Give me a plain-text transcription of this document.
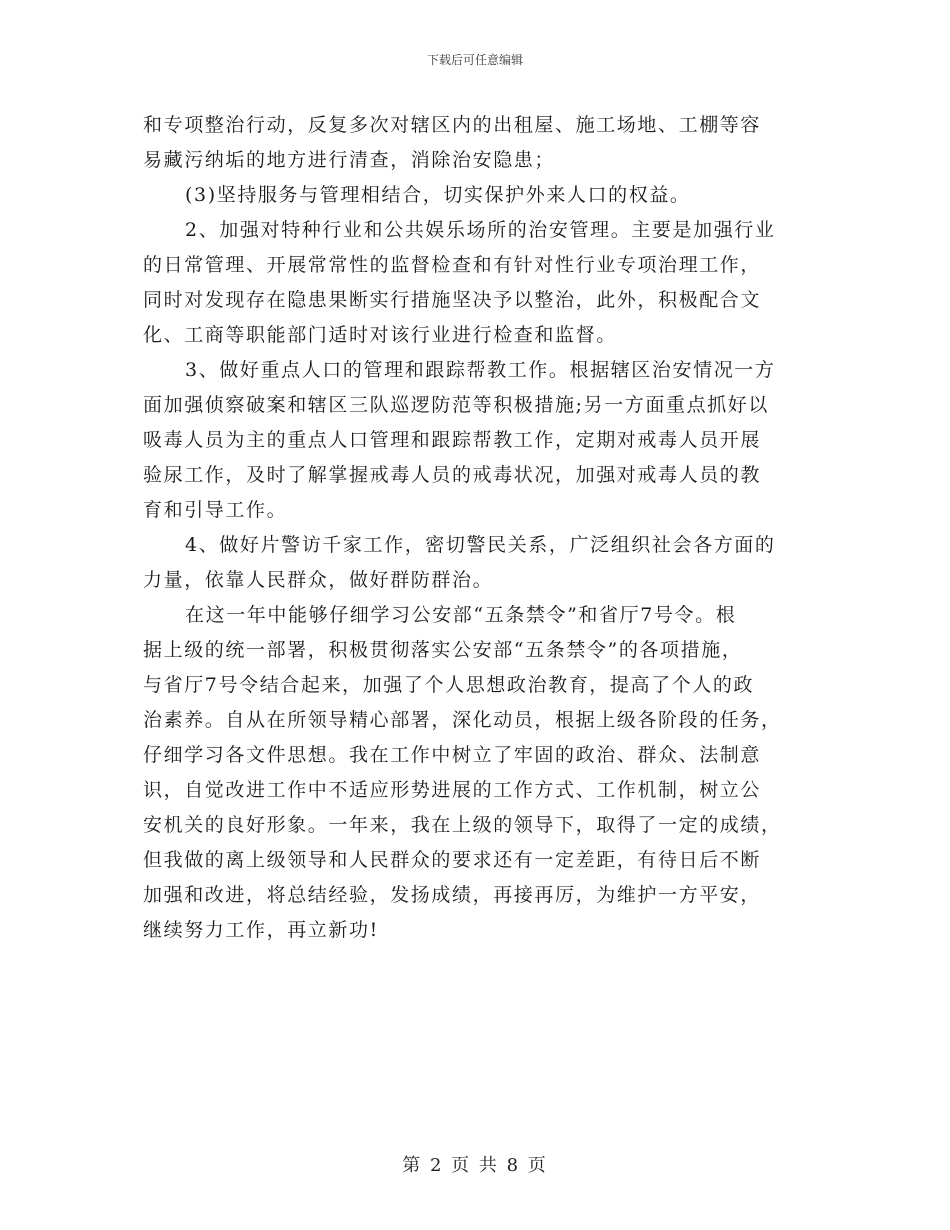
下载后可任意编辑
和专项整治行动，反复多次对辖区内的出租屋、施工场地、工棚等容
易藏污纳垢的地方进行清查，消除治安隐患；
(3)坚持服务与管理相结合，切实保护外来人口的权益。
2、加强对特种行业和公共娱乐场所的治安管理。主要是加强行业
的日常管理、开展常常性的监督检查和有针对性行业专项治理工作，
同时对发现存在隐患果断实行措施坚决予以整治，此外，积极配合文
化、工商等职能部门适时对该行业进行检查和监督。
3、做好重点人口的管理和跟踪帮教工作。根据辖区治安情况一方
面加强侦察破案和辖区三队巡逻防范等积极措施;另一方面重点抓好以
吸毒人员为主的重点人口管理和跟踪帮教工作，定期对戒毒人员开展
验尿工作，及时了解掌握戒毒人员的戒毒状况，加强对戒毒人员的教
育和引导工作。
4、做好片警访千家工作，密切警民关系，广泛组织社会各方面的
力量，依靠人民群众，做好群防群治。
在这一年中能够仔细学习公安部“五条禁令”和省厅7号令。根
据上级的统一部署，积极贯彻落实公安部“五条禁令”的各项措施，
与省厅7号令结合起来，加强了个人思想政治教育，提高了个人的政
治素养。自从在所领导精心部署，深化动员，根据上级各阶段的任务，
仔细学习各文件思想。我在工作中树立了牢固的政治、群众、法制意
识，自觉改进工作中不适应形势进展的工作方式、工作机制，树立公
安机关的良好形象。一年来，我在上级的领导下，取得了一定的成绩，
但我做的离上级领导和人民群众的要求还有一定差距，有待日后不断
加强和改进，将总结经验，发扬成绩，再接再厉，为维护一方平安，
继续努力工作，再立新功!
第 2 页 共 8 页
